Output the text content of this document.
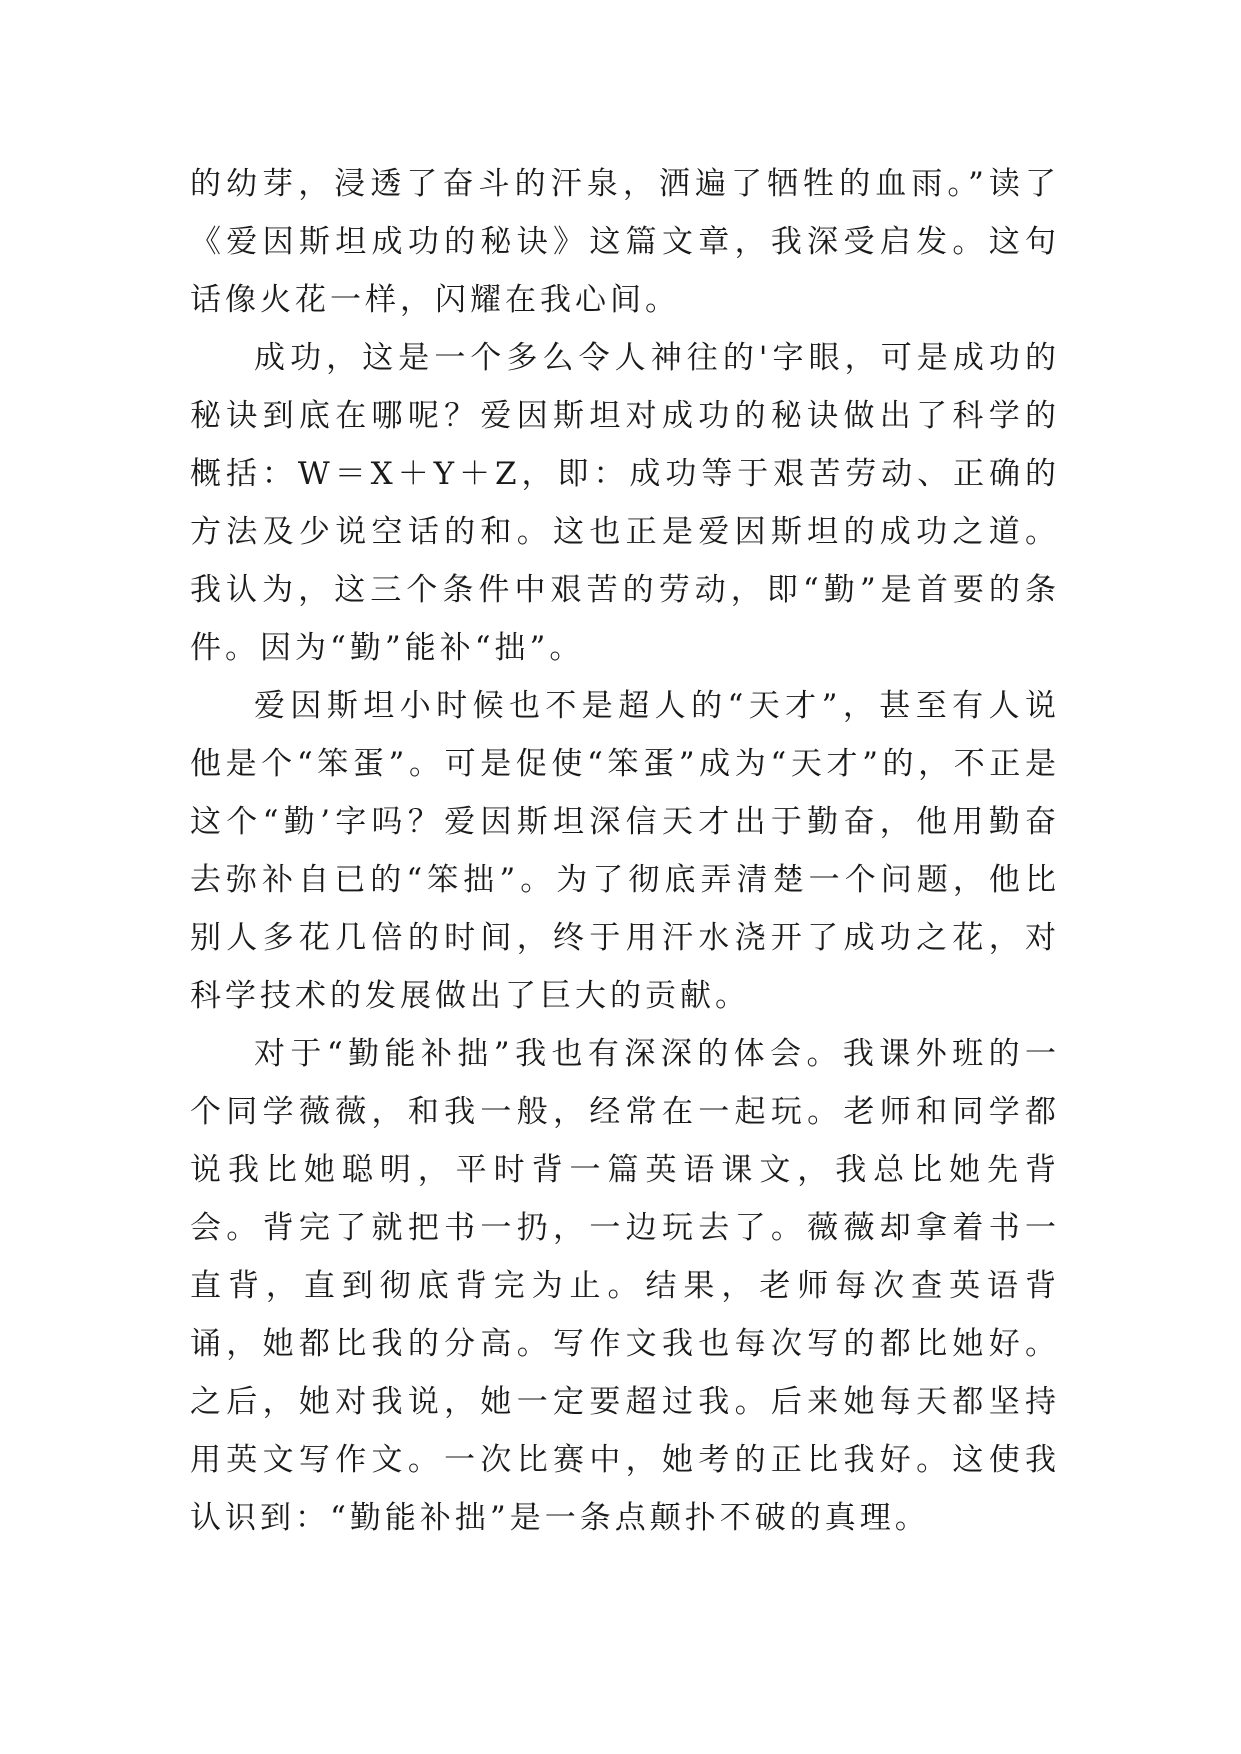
的幼芽，浸透了奋斗的汗泉，洒遍了牺牲的血雨。”读了《爱因斯坦成功的秘诀》这篇文章，我深受启发。这句话像火花一样，闪耀在我心间。

成功，这是一个多么令人神往的'字眼，可是成功的秘诀到底在哪呢？爱因斯坦对成功的秘诀做出了科学的概括：W＝X＋Y＋Z，即：成功等于艰苦劳动、正确的方法及少说空话的和。这也正是爱因斯坦的成功之道。我认为，这三个条件中艰苦的劳动，即“勤”是首要的条件。因为“勤”能补“拙”。

爱因斯坦小时候也不是超人的“天才”，甚至有人说他是个“笨蛋”。可是促使“笨蛋”成为“天才”的，不正是这个“勤’字吗？爱因斯坦深信天才出于勤奋，他用勤奋去弥补自已的“笨拙”。为了彻底弄清楚一个问题，他比别人多花几倍的时间，终于用汗水浇开了成功之花，对科学技术的发展做出了巨大的贡献。

对于“勤能补拙”我也有深深的体会。我课外班的一个同学薇薇，和我一般，经常在一起玩。老师和同学都说我比她聪明，平时背一篇英语课文，我总比她先背会。背完了就把书一扔，一边玩去了。薇薇却拿着书一直背，直到彻底背完为止。结果，老师每次查英语背诵，她都比我的分高。写作文我也每次写的都比她好。之后，她对我说，她一定要超过我。后来她每天都坚持用英文写作文。一次比赛中，她考的正比我好。这使我认识到：“勤能补拙”是一条点颠扑不破的真理。
